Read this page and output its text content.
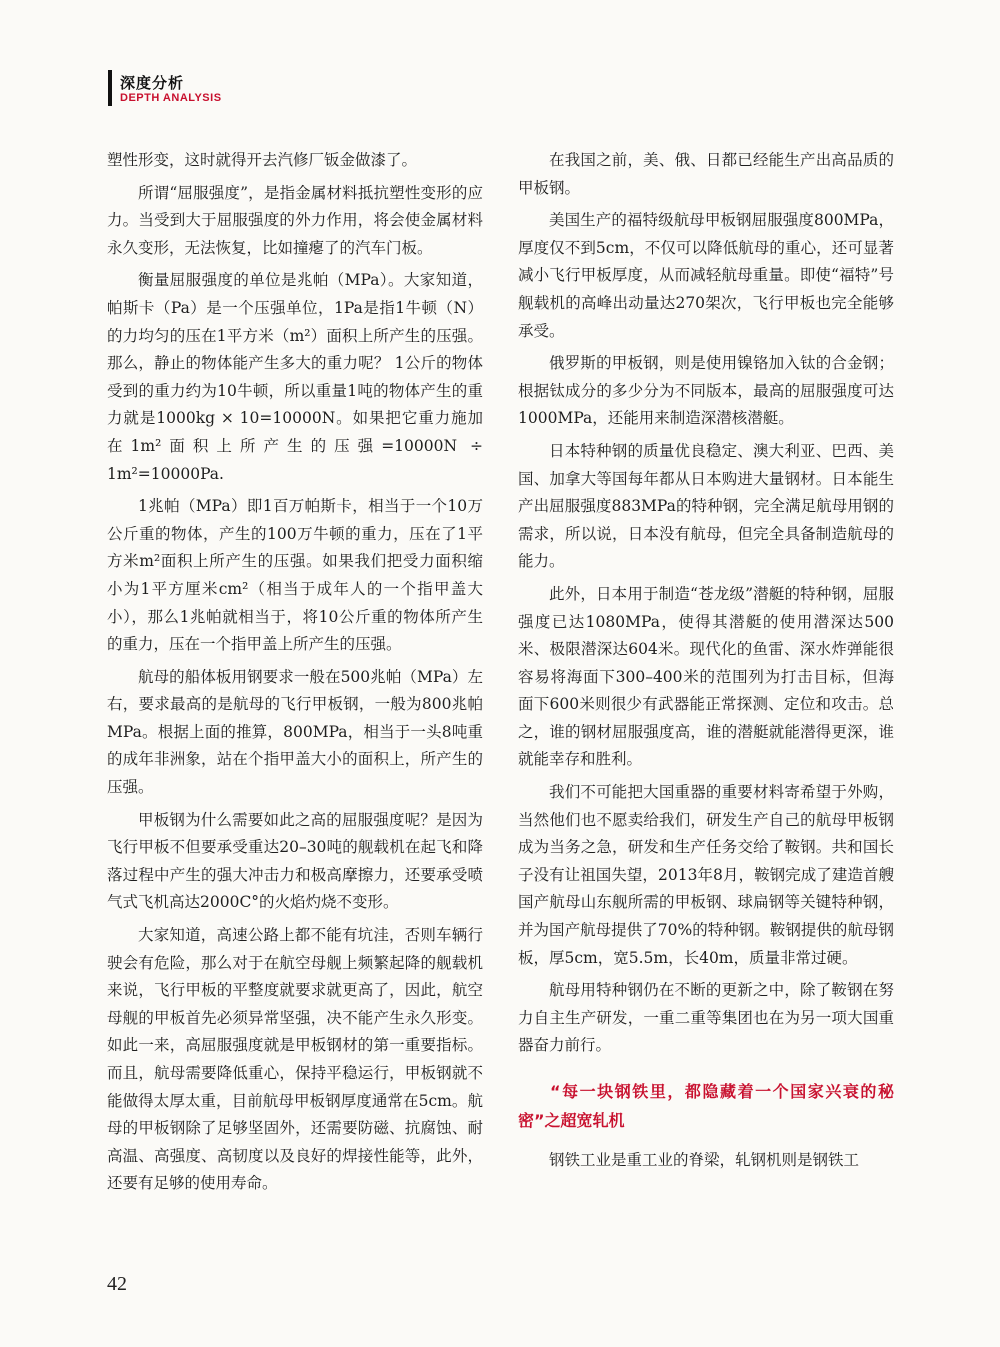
深度分析
DEPTH ANALYSIS

塑性形变，这时就得开去汽修厂钣金做漆了。

所谓“屈服强度”，是指金属材料抵抗塑性变形的应力。当受到大于屈服强度的外力作用，将会使金属材料永久变形，无法恢复，比如撞瘪了的汽车门板。

衡量屈服强度的单位是兆帕（MPa）。大家知道，帕斯卡（Pa）是一个压强单位，1Pa是指1牛顿（N）的力均匀的压在1平方米（m²）面积上所产生的压强。那么，静止的物体能产生多大的重力呢？ 1公斤的物体受到的重力约为10牛顿，所以重量1吨的物体产生的重力就是1000kg × 10=10000N。如果把它重力施加在1m²面积上所产生的压强=10000N ÷ 1m²=10000Pa.

1兆帕（MPa）即1百万帕斯卡，相当于一个10万公斤重的物体，产生的100万牛顿的重力，压在了1平方米m²面积上所产生的压强。如果我们把受力面积缩小为1平方厘米cm²（相当于成年人的一个指甲盖大小），那么1兆帕就相当于，将10公斤重的物体所产生的重力，压在一个指甲盖上所产生的压强。

航母的船体板用钢要求一般在500兆帕（MPa）左右，要求最高的是航母的飞行甲板钢，一般为800兆帕MPa。根据上面的推算，800MPa，相当于一头8吨重的成年非洲象，站在个指甲盖大小的面积上，所产生的压强。

甲板钢为什么需要如此之高的屈服强度呢？是因为飞行甲板不但要承受重达20–30吨的舰载机在起飞和降落过程中产生的强大冲击力和极高摩擦力，还要承受喷气式飞机高达2000C°的火焰灼烧不变形。

大家知道，高速公路上都不能有坑洼，否则车辆行驶会有危险，那么对于在航空母舰上频繁起降的舰载机来说，飞行甲板的平整度就要求就更高了，因此，航空母舰的甲板首先必须异常坚强，决不能产生永久形变。如此一来，高屈服强度就是甲板钢材的第一重要指标。而且，航母需要降低重心，保持平稳运行，甲板钢就不能做得太厚太重，目前航母甲板钢厚度通常在5cm。航母的甲板钢除了足够坚固外，还需要防磁、抗腐蚀、耐高温、高强度、高韧度以及良好的焊接性能等，此外，还要有足够的使用寿命。

在我国之前，美、俄、日都已经能生产出高品质的甲板钢。

美国生产的福特级航母甲板钢屈服强度800MPa，厚度仅不到5cm，不仅可以降低航母的重心，还可显著减小飞行甲板厚度，从而减轻航母重量。即使“福特”号舰载机的高峰出动量达270架次，飞行甲板也完全能够承受。

俄罗斯的甲板钢，则是使用镍铬加入钛的合金钢；根据钛成分的多少分为不同版本，最高的屈服强度可达1000MPa，还能用来制造深潜核潜艇。

日本特种钢的质量优良稳定、澳大利亚、巴西、美国、加拿大等国每年都从日本购进大量钢材。日本能生产出屈服强度883MPa的特种钢，完全满足航母用钢的需求，所以说，日本没有航母，但完全具备制造航母的能力。

此外，日本用于制造“苍龙级”潜艇的特种钢，屈服强度已达1080MPa，使得其潜艇的使用潜深达500米、极限潜深达604米。现代化的鱼雷、深水炸弹能很容易将海面下300–400米的范围列为打击目标，但海面下600米则很少有武器能正常探测、定位和攻击。总之，谁的钢材屈服强度高，谁的潜艇就能潜得更深，谁就能幸存和胜利。

我们不可能把大国重器的重要材料寄希望于外购，当然他们也不愿卖给我们，研发生产自己的航母甲板钢成为当务之急，研发和生产任务交给了鞍钢。共和国长子没有让祖国失望，2013年8月，鞍钢完成了建造首艘国产航母山东舰所需的甲板钢、球扁钢等关键特种钢，并为国产航母提供了70%的特种钢。鞍钢提供的航母钢板，厚5cm，宽5.5m，长40m，质量非常过硬。

航母用特种钢仍在不断的更新之中，除了鞍钢在努力自主生产研发，一重二重等集团也在为另一项大国重器奋力前行。

“每一块钢铁里，都隐藏着一个国家兴衰的秘密”之超宽轧机

钢铁工业是重工业的脊梁，轧钢机则是钢铁工

42
